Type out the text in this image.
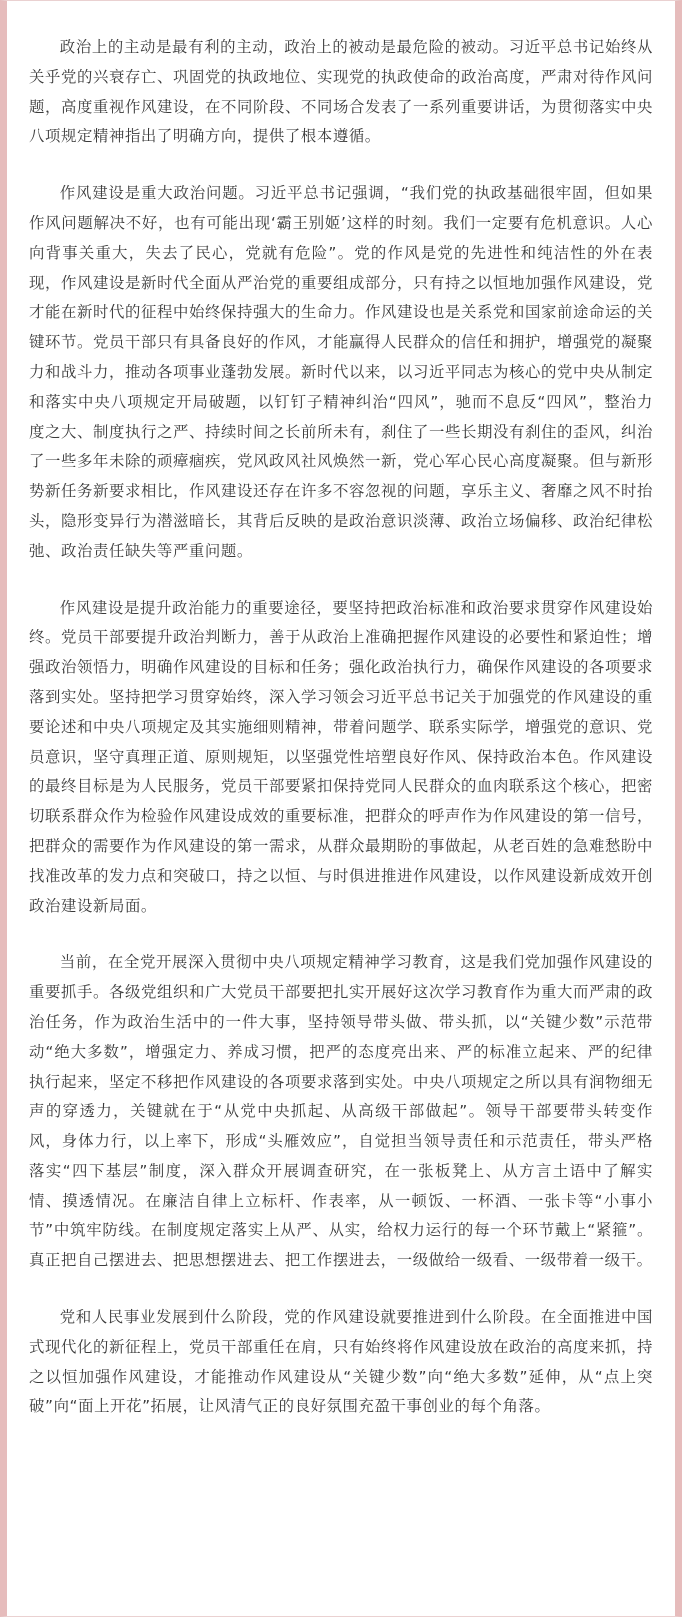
政治上的主动是最有利的主动，政治上的被动是最危险的被动。习近平总书记始终从关乎党的兴衰存亡、巩固党的执政地位、实现党的执政使命的政治高度，严肃对待作风问题，高度重视作风建设，在不同阶段、不同场合发表了一系列重要讲话，为贯彻落实中央八项规定精神指出了明确方向，提供了根本遵循。

作风建设是重大政治问题。习近平总书记强调，“我们党的执政基础很牢固，但如果作风问题解决不好，也有可能出现‘霸王别姬’这样的时刻。我们一定要有危机意识。人心向背事关重大，失去了民心，党就有危险”。党的作风是党的先进性和纯洁性的外在表现，作风建设是新时代全面从严治党的重要组成部分，只有持之以恒地加强作风建设，党才能在新时代的征程中始终保持强大的生命力。作风建设也是关系党和国家前途命运的关键环节。党员干部只有具备良好的作风，才能赢得人民群众的信任和拥护，增强党的凝聚力和战斗力，推动各项事业蓬勃发展。新时代以来，以习近平同志为核心的党中央从制定和落实中央八项规定开局破题，以钉钉子精神纠治“四风”，驰而不息反“四风”，整治力度之大、制度执行之严、持续时间之长前所未有，刹住了一些长期没有刹住的歪风，纠治了一些多年未除的顽瘴痼疾，党风政风社风焕然一新，党心军心民心高度凝聚。但与新形势新任务新要求相比，作风建设还存在许多不容忽视的问题，享乐主义、奢靡之风不时抬头，隐形变异行为潜滋暗长，其背后反映的是政治意识淡薄、政治立场偏移、政治纪律松弛、政治责任缺失等严重问题。

作风建设是提升政治能力的重要途径，要坚持把政治标准和政治要求贯穿作风建设始终。党员干部要提升政治判断力，善于从政治上准确把握作风建设的必要性和紧迫性；增强政治领悟力，明确作风建设的目标和任务；强化政治执行力，确保作风建设的各项要求落到实处。坚持把学习贯穿始终，深入学习领会习近平总书记关于加强党的作风建设的重要论述和中央八项规定及其实施细则精神，带着问题学、联系实际学，增强党的意识、党员意识，坚守真理正道、原则规矩，以坚强党性培塑良好作风、保持政治本色。作风建设的最终目标是为人民服务，党员干部要紧扣保持党同人民群众的血肉联系这个核心，把密切联系群众作为检验作风建设成效的重要标准，把群众的呼声作为作风建设的第一信号，把群众的需要作为作风建设的第一需求，从群众最期盼的事做起，从老百姓的急难愁盼中找准改革的发力点和突破口，持之以恒、与时俱进推进作风建设，以作风建设新成效开创政治建设新局面。

当前，在全党开展深入贯彻中央八项规定精神学习教育，这是我们党加强作风建设的重要抓手。各级党组织和广大党员干部要把扎实开展好这次学习教育作为重大而严肃的政治任务，作为政治生活中的一件大事，坚持领导带头做、带头抓，以“关键少数”示范带动“绝大多数”，增强定力、养成习惯，把严的态度亮出来、严的标准立起来、严的纪律执行起来，坚定不移把作风建设的各项要求落到实处。中央八项规定之所以具有润物细无声的穿透力，关键就在于“从党中央抓起、从高级干部做起”。领导干部要带头转变作风，身体力行，以上率下，形成“头雁效应”，自觉担当领导责任和示范责任，带头严格落实“四下基层”制度，深入群众开展调查研究，在一张板凳上、从方言土语中了解实情、摸透情况。在廉洁自律上立标杆、作表率，从一顿饭、一杯酒、一张卡等“小事小节”中筑牢防线。在制度规定落实上从严、从实，给权力运行的每一个环节戴上“紧箍”。真正把自己摆进去、把思想摆进去、把工作摆进去，一级做给一级看、一级带着一级干。

党和人民事业发展到什么阶段，党的作风建设就要推进到什么阶段。在全面推进中国式现代化的新征程上，党员干部重任在肩，只有始终将作风建设放在政治的高度来抓，持之以恒加强作风建设，才能推动作风建设从“关键少数”向“绝大多数”延伸，从“点上突破”向“面上开花”拓展，让风清气正的良好氛围充盈干事创业的每个角落。
